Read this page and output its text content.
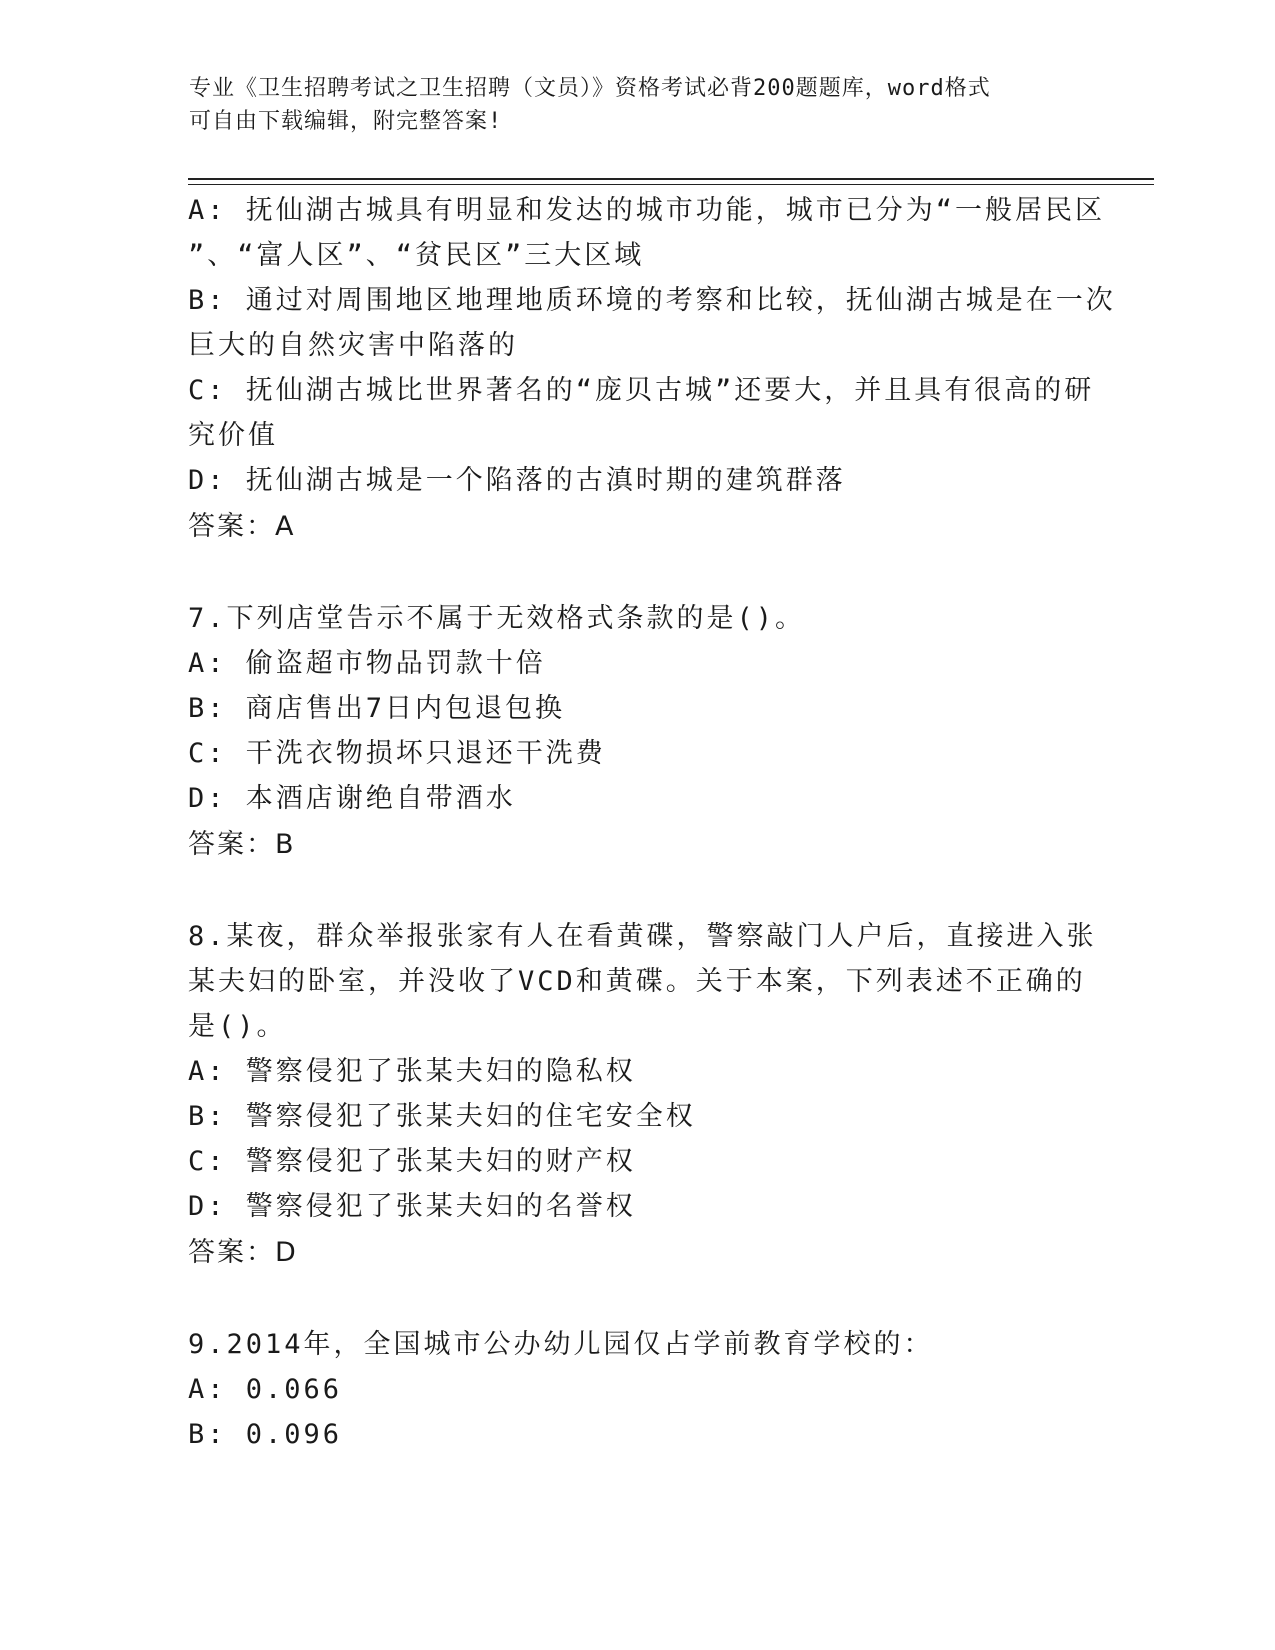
专业《卫生招聘考试之卫生招聘（文员）》资格考试必背200题题库，word格式
可自由下载编辑，附完整答案!
A: 抚仙湖古城具有明显和发达的城市功能，城市已分为“一般居民区
”、“富人区”、“贫民区”三大区域
B: 通过对周围地区地理地质环境的考察和比较，抚仙湖古城是在一次
巨大的自然灾害中陷落的
C: 抚仙湖古城比世界著名的“庞贝古城”还要大，并且具有很高的研
究价值
D: 抚仙湖古城是一个陷落的古滇时期的建筑群落
答案：A
7.下列店堂告示不属于无效格式条款的是()。
A: 偷盗超市物品罚款十倍
B: 商店售出7日内包退包换
C: 干洗衣物损坏只退还干洗费
D: 本酒店谢绝自带酒水
答案：B
8.某夜，群众举报张家有人在看黄碟，警察敲门人户后，直接进入张
某夫妇的卧室，并没收了VCD和黄碟。关于本案，下列表述不正确的
是()。
A: 警察侵犯了张某夫妇的隐私权
B: 警察侵犯了张某夫妇的住宅安全权
C: 警察侵犯了张某夫妇的财产权
D: 警察侵犯了张某夫妇的名誉权
答案：D
9.2014年，全国城市公办幼儿园仅占学前教育学校的：
A: 0.066
B: 0.096
